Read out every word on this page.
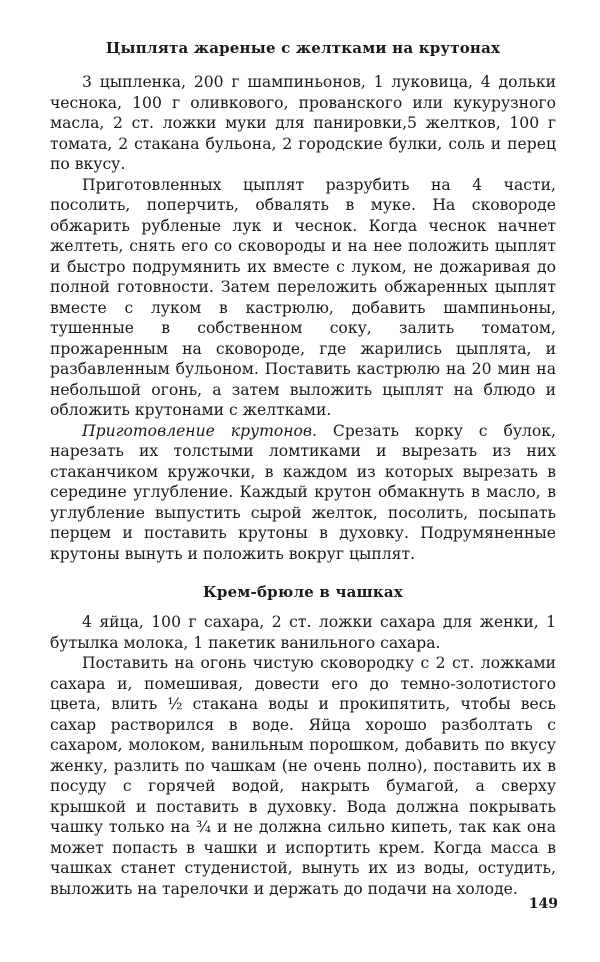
Цыплята жареные с желтками на крутонах

3 цыпленка, 200 г шампиньонов, 1 луковица, 4 дольки чеснока, 100 г оливкового, прованского или кукурузного масла, 2 ст. ложки муки для панировки,5 желтков, 100 г томата, 2 стакана бульона, 2 городские булки, соль и перец по вкусу.

Приготовленных цыплят разрубить на 4 части, посолить, поперчить, обвалять в муке. На сковороде обжарить рубленые лук и чеснок. Когда чеснок начнет желтеть, снять его со сковороды и на нее положить цыплят и быстро подрумянить их вместе с луком, не дожаривая до полной готовности. Затем переложить обжаренных цыплят вместе с луком в кастрюлю, добавить шампиньоны, тушенные в собственном соку, залить томатом, прожаренным на сковороде, где жарились цыплята, и разбавленным бульоном. Поставить кастрюлю на 20 мин на небольшой огонь, а затем выложить цыплят на блюдо и обложить крутонами с желтками.

Приготовление крутонов. Срезать корку с булок, нарезать их толстыми ломтиками и вырезать из них стаканчиком кружочки, в каждом из которых вырезать в середине углубление. Каждый крутон обмакнуть в масло, в углубление выпустить сырой желток, посолить, посыпать перцем и поставить крутоны в духовку. Подрумяненные крутоны вынуть и положить вокруг цыплят.

Крем-брюле в чашках

4 яйца, 100 г сахара, 2 ст. ложки сахара для женки, 1 бутылка молока, 1 пакетик ванильного сахара.

Поставить на огонь чистую сковородку с 2 ст. ложками сахара и, помешивая, довести его до темно-золотистого цвета, влить ½ стакана воды и прокипятить, чтобы весь сахар растворился в воде. Яйца хорошо разболтать с сахаром, молоком, ванильным порошком, добавить по вкусу женку, разлить по чашкам (не очень полно), поставить их в посуду с горячей водой, накрыть бумагой, а сверху крышкой и поставить в духовку. Вода должна покрывать чашку только на ¾ и не должна сильно кипеть, так как она может попасть в чашки и испортить крем. Когда масса в чашках станет студенистой, вынуть их из воды, остудить, выложить на тарелочки и держать до подачи на холоде.

149
